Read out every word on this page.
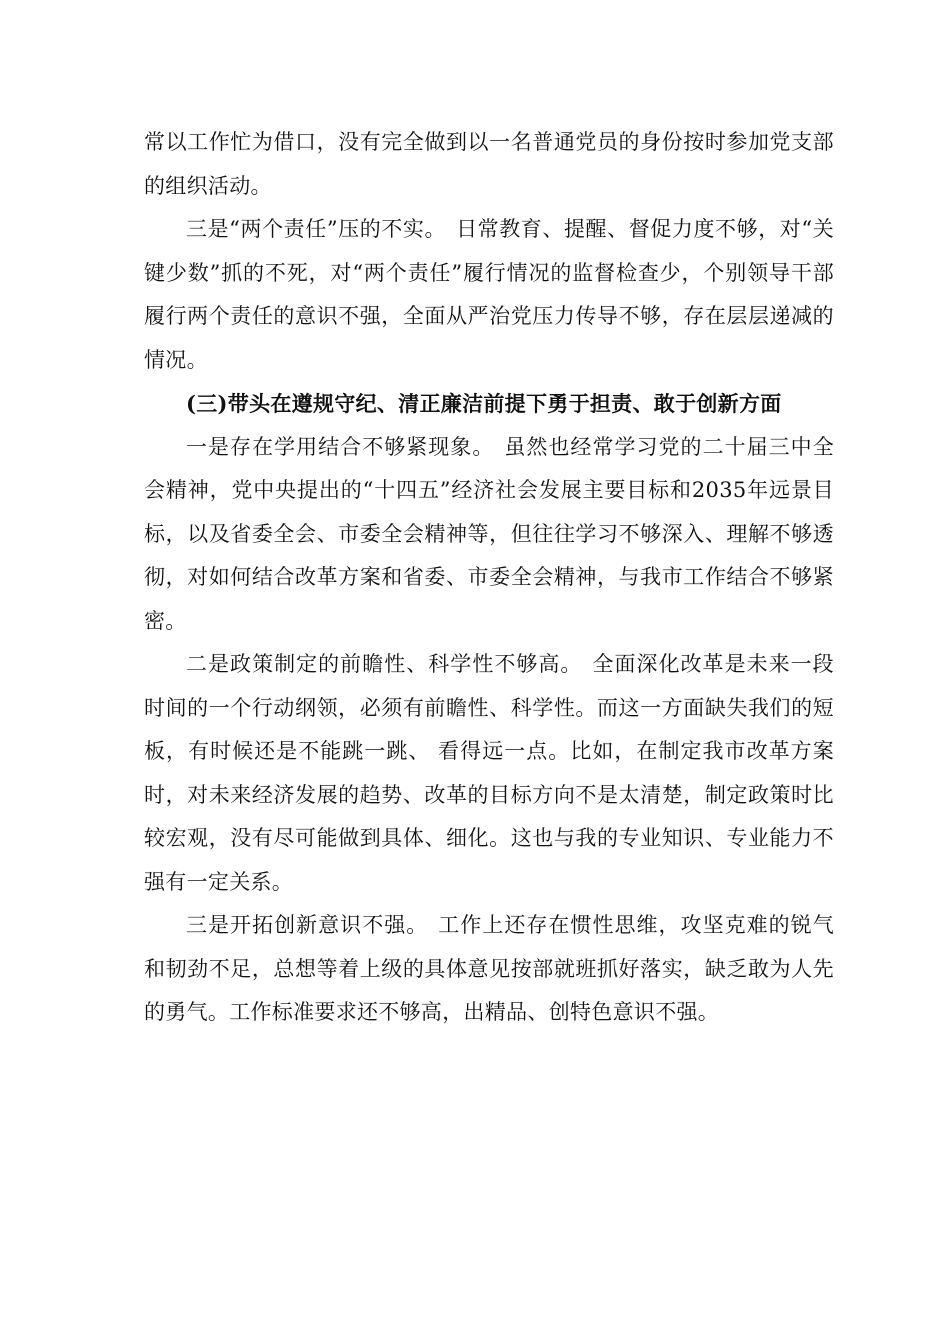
常以工作忙为借口，没有完全做到以一名普通党员的身份按时参加党支部的组织活动。

三是“两个责任”压的不实。 日常教育、提醒、督促力度不够，对“关键少数”抓的不死，对“两个责任”履行情况的监督检查少，个别领导干部履行两个责任的意识不强，全面从严治党压力传导不够，存在层层递减的情况。

(三)带头在遵规守纪、清正廉洁前提下勇于担责、敢于创新方面

一是存在学用结合不够紧现象。 虽然也经常学习党的二十届三中全会精神，党中央提出的“十四五”经济社会发展主要目标和2035年远景目标，以及省委全会、市委全会精神等，但往往学习不够深入、理解不够透彻，对如何结合改革方案和省委、市委全会精神，与我市工作结合不够紧密。

二是政策制定的前瞻性、科学性不够高。 全面深化改革是未来一段时间的一个行动纲领，必须有前瞻性、科学性。而这一方面缺失我们的短板，有时候还是不能跳一跳、 看得远一点。比如，在制定我市改革方案时，对未来经济发展的趋势、改革的目标方向不是太清楚，制定政策时比较宏观，没有尽可能做到具体、细化。这也与我的专业知识、专业能力不强有一定关系。

三是开拓创新意识不强。 工作上还存在惯性思维，攻坚克难的锐气和韧劲不足，总想等着上级的具体意见按部就班抓好落实，缺乏敢为人先的勇气。工作标准要求还不够高，出精品、创特色意识不强。
